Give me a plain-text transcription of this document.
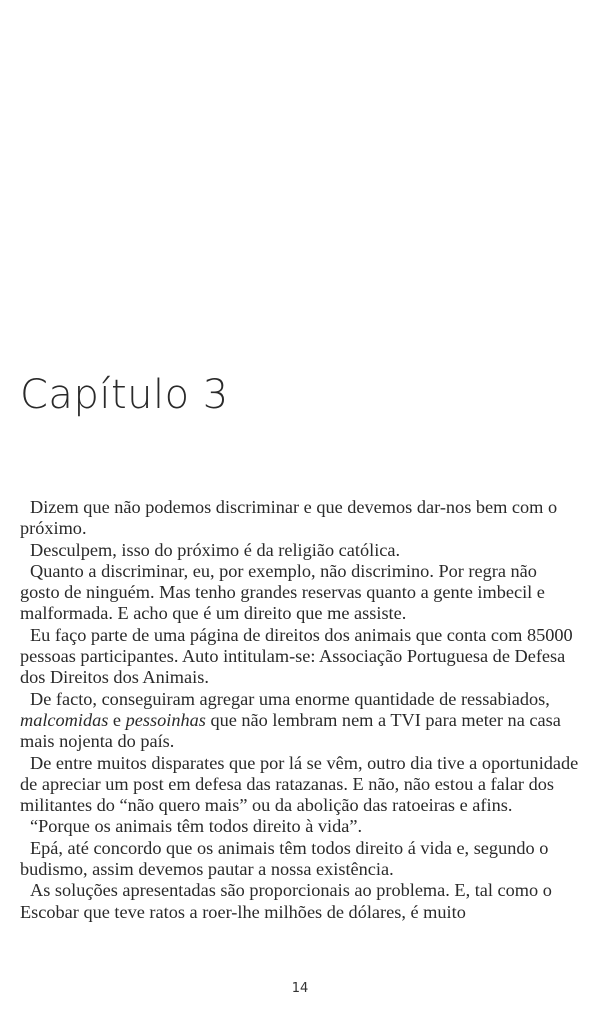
Capítulo 3

Dizem que não podemos discriminar e que devemos dar-nos bem com o próximo.

Desculpem, isso do próximo é da religião católica.

Quanto a discriminar, eu, por exemplo, não discrimino. Por regra não gosto de ninguém. Mas tenho grandes reservas quanto a gente imbecil e malformada. E acho que é um direito que me assiste.

Eu faço parte de uma página de direitos dos animais que conta com 85000 pessoas participantes. Auto intitulam-se: Associação Portuguesa de Defesa dos Direitos dos Animais.

De facto, conseguiram agregar uma enorme quantidade de ressabiados, malcomidas e pessoinhas que não lembram nem a TVI para meter na casa mais nojenta do país.

De entre muitos disparates que por lá se vêm, outro dia tive a oportunidade de apreciar um post em defesa das ratazanas. E não, não estou a falar dos militantes do “não quero mais” ou da abolição das ratoeiras e afins.

“Porque os animais têm todos direito à vida”.

Epá, até concordo que os animais têm todos direito á vida e, segundo o budismo, assim devemos pautar a nossa existência.

As soluções apresentadas são proporcionais ao problema. E, tal como o Escobar que teve ratos a roer-lhe milhões de dólares, é muito

14
